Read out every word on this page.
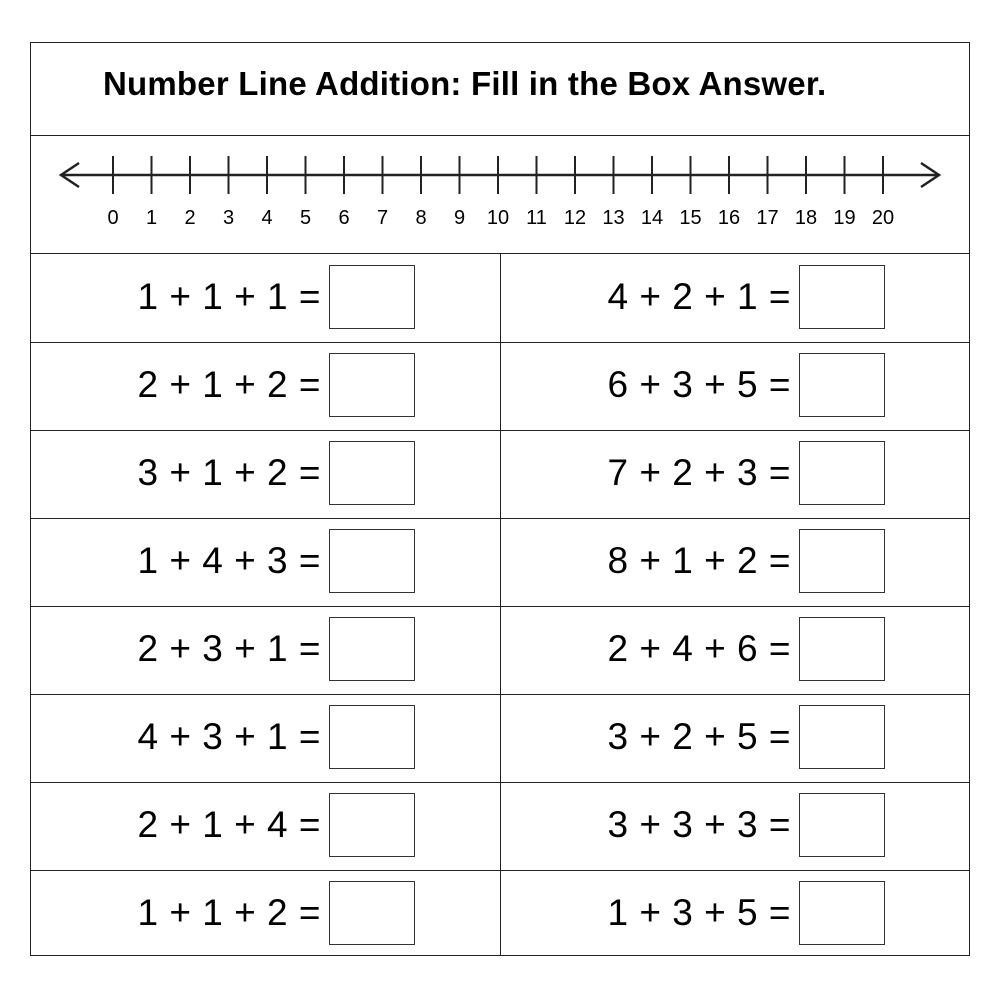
Number Line Addition: Fill in the Box Answer.
0 1 2 3 4 5 6 7 8 9 10 11 12 13 14 15 16 17 18 19 20
1 + 1 + 1 =
2 + 1 + 2 =
3 + 1 + 2 =
1 + 4 + 3 =
2 + 3 + 1 =
4 + 3 + 1 =
2 + 1 + 4 =
1 + 1 + 2 =
4 + 2 + 1 =
6 + 3 + 5 =
7 + 2 + 3 =
8 + 1 + 2 =
2 + 4 + 6 =
3 + 2 + 5 =
3 + 3 + 3 =
1 + 3 + 5 =
